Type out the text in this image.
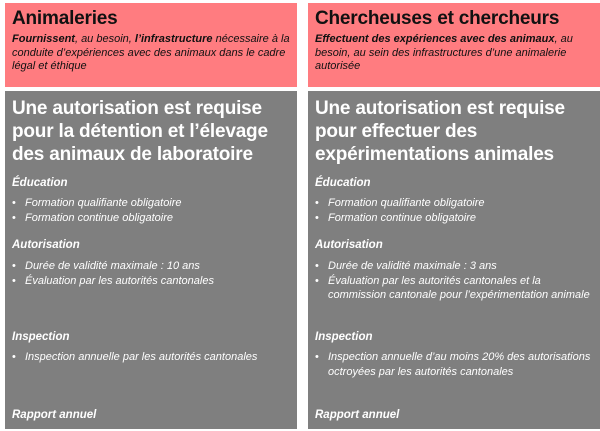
Animaleries

Fournissent, au besoin, l’infrastructure nécessaire à la conduite d’expériences avec des animaux dans le cadre légal et éthique

Une autorisation est requise pour la détention et l’élevage des animaux de laboratoire
Éducation
• Formation qualifiante obligatoire
• Formation continue obligatoire
Autorisation
• Durée de validité maximale : 10 ans
• Évaluation par les autorités cantonales
Inspection
• Inspection annuelle par les autorités cantonales
Rapport annuel
Chercheuses et chercheurs

Effectuent des expériences avec des animaux, au besoin, au sein des infrastructures d’une animalerie autorisée

Une autorisation est requise pour effectuer des expérimentations animales
Éducation
• Formation qualifiante obligatoire
• Formation continue obligatoire
Autorisation
• Durée de validité maximale : 3 ans
• Évaluation par les autorités cantonales et la commission cantonale pour l’expérimentation animale
Inspection
• Inspection annuelle d’au moins 20% des autorisations octroyées par les autorités cantonales
Rapport annuel
